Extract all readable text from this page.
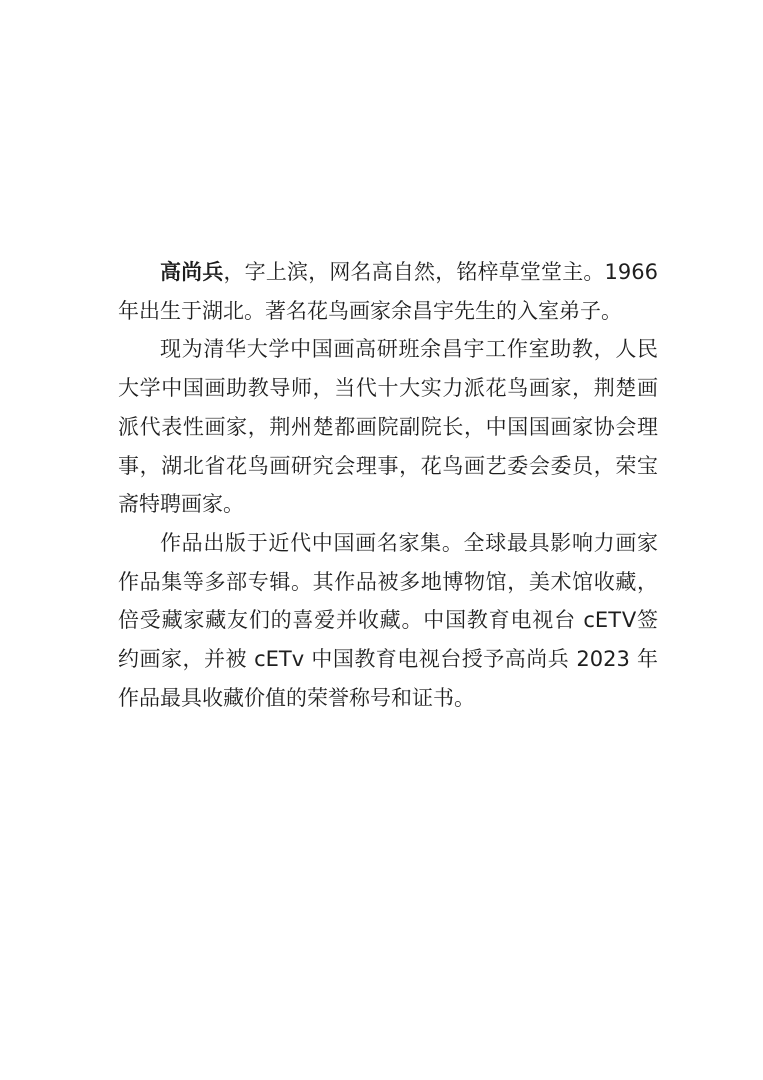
高尚兵，字上滨，网名高自然，铭梓草堂堂主。1966 年出生于湖北。著名花鸟画家余昌宇先生的入室弟子。

现为清华大学中国画高研班余昌宇工作室助教，人民大学中国画助教导师，当代十大实力派花鸟画家，荆楚画派代表性画家，荆州楚都画院副院长，中国国画家协会理事，湖北省花鸟画研究会理事，花鸟画艺委会委员，荣宝斋特聘画家。

作品出版于近代中国画名家集。全球最具影响力画家作品集等多部专辑。其作品被多地博物馆，美术馆收藏，倍受藏家藏友们的喜爱并收藏。中国教育电视台 cETⅤ签约画家，并被 cETv 中国教育电视台授予高尚兵 2023 年作品最具收藏价值的荣誉称号和证书。
